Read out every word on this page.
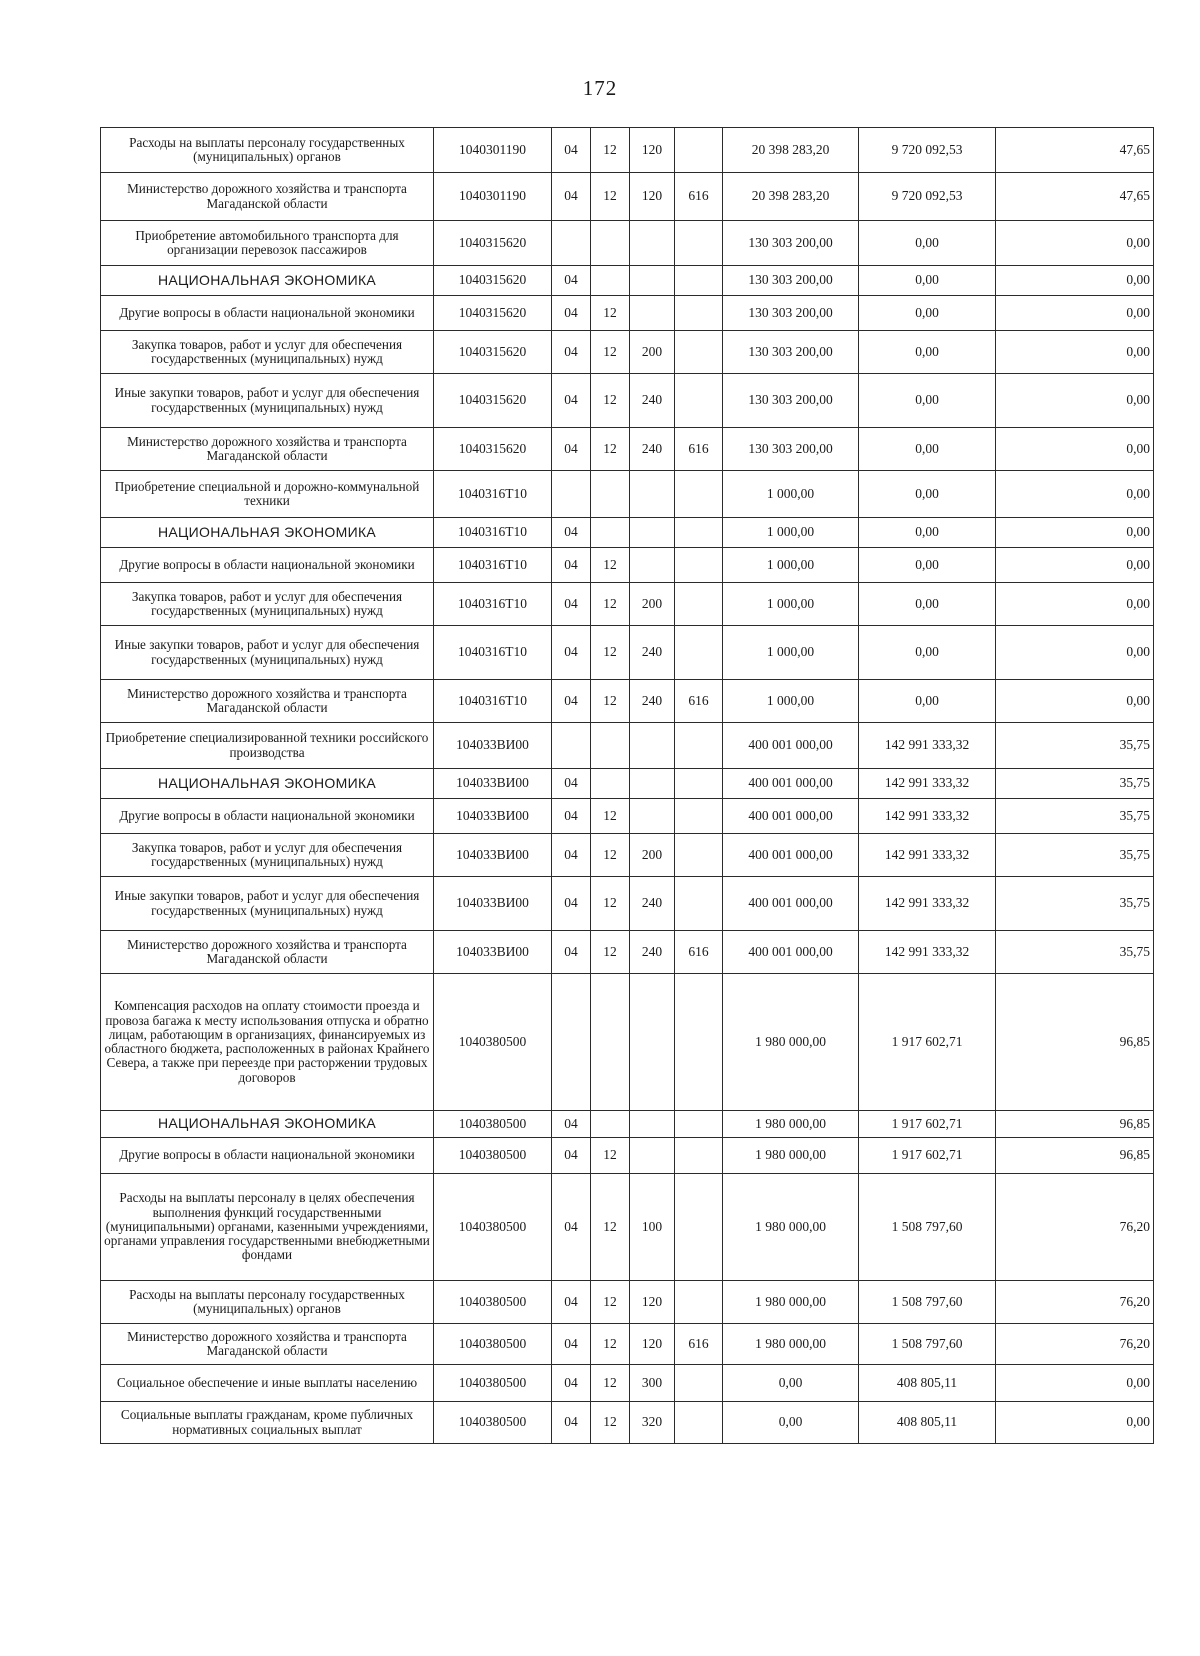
172
Расходы на выплаты персоналу государственных (муниципальных) органов	1040301190	04	12	120		20 398 283,20	9 720 092,53	47,65
Министерство дорожного хозяйства и транспорта Магаданской области	1040301190	04	12	120	616	20 398 283,20	9 720 092,53	47,65
Приобретение автомобильного транспорта для организации перевозок пассажиров	1040315620					130 303 200,00	0,00	0,00
НАЦИОНАЛЬНАЯ ЭКОНОМИКА	1040315620	04				130 303 200,00	0,00	0,00
Другие вопросы в области национальной экономики	1040315620	04	12			130 303 200,00	0,00	0,00
Закупка товаров, работ и услуг для обеспечения государственных (муниципальных) нужд	1040315620	04	12	200		130 303 200,00	0,00	0,00
Иные закупки товаров, работ и услуг для обеспечения государственных (муниципальных) нужд	1040315620	04	12	240		130 303 200,00	0,00	0,00
Министерство дорожного хозяйства и транспорта Магаданской области	1040315620	04	12	240	616	130 303 200,00	0,00	0,00
Приобретение специальной и дорожно-коммунальной техники	1040316Т10					1 000,00	0,00	0,00
НАЦИОНАЛЬНАЯ ЭКОНОМИКА	1040316Т10	04				1 000,00	0,00	0,00
Другие вопросы в области национальной экономики	1040316Т10	04	12			1 000,00	0,00	0,00
Закупка товаров, работ и услуг для обеспечения государственных (муниципальных) нужд	1040316Т10	04	12	200		1 000,00	0,00	0,00
Иные закупки товаров, работ и услуг для обеспечения государственных (муниципальных) нужд	1040316Т10	04	12	240		1 000,00	0,00	0,00
Министерство дорожного хозяйства и транспорта Магаданской области	1040316Т10	04	12	240	616	1 000,00	0,00	0,00
Приобретение специализированной техники российского производства	104033ВИ00					400 001 000,00	142 991 333,32	35,75
НАЦИОНАЛЬНАЯ ЭКОНОМИКА	104033ВИ00	04				400 001 000,00	142 991 333,32	35,75
Другие вопросы в области национальной экономики	104033ВИ00	04	12			400 001 000,00	142 991 333,32	35,75
Закупка товаров, работ и услуг для обеспечения государственных (муниципальных) нужд	104033ВИ00	04	12	200		400 001 000,00	142 991 333,32	35,75
Иные закупки товаров, работ и услуг для обеспечения государственных (муниципальных) нужд	104033ВИ00	04	12	240		400 001 000,00	142 991 333,32	35,75
Министерство дорожного хозяйства и транспорта Магаданской области	104033ВИ00	04	12	240	616	400 001 000,00	142 991 333,32	35,75
Компенсация расходов на оплату стоимости проезда и провоза багажа к месту использования отпуска и обратно лицам, работающим в организациях, финансируемых из областного бюджета, расположенных в районах Крайнего Севера, а также при переезде при расторжении трудовых договоров	1040380500					1 980 000,00	1 917 602,71	96,85
НАЦИОНАЛЬНАЯ ЭКОНОМИКА	1040380500	04				1 980 000,00	1 917 602,71	96,85
Другие вопросы в области национальной экономики	1040380500	04	12			1 980 000,00	1 917 602,71	96,85
Расходы на выплаты персоналу в целях обеспечения выполнения функций государственными (муниципальными) органами, казенными учреждениями, органами управления государственными внебюджетными фондами	1040380500	04	12	100		1 980 000,00	1 508 797,60	76,20
Расходы на выплаты персоналу государственных (муниципальных) органов	1040380500	04	12	120		1 980 000,00	1 508 797,60	76,20
Министерство дорожного хозяйства и транспорта Магаданской области	1040380500	04	12	120	616	1 980 000,00	1 508 797,60	76,20
Социальное обеспечение и иные выплаты населению	1040380500	04	12	300		0,00	408 805,11	0,00
Социальные выплаты гражданам, кроме публичных нормативных социальных выплат	1040380500	04	12	320		0,00	408 805,11	0,00
